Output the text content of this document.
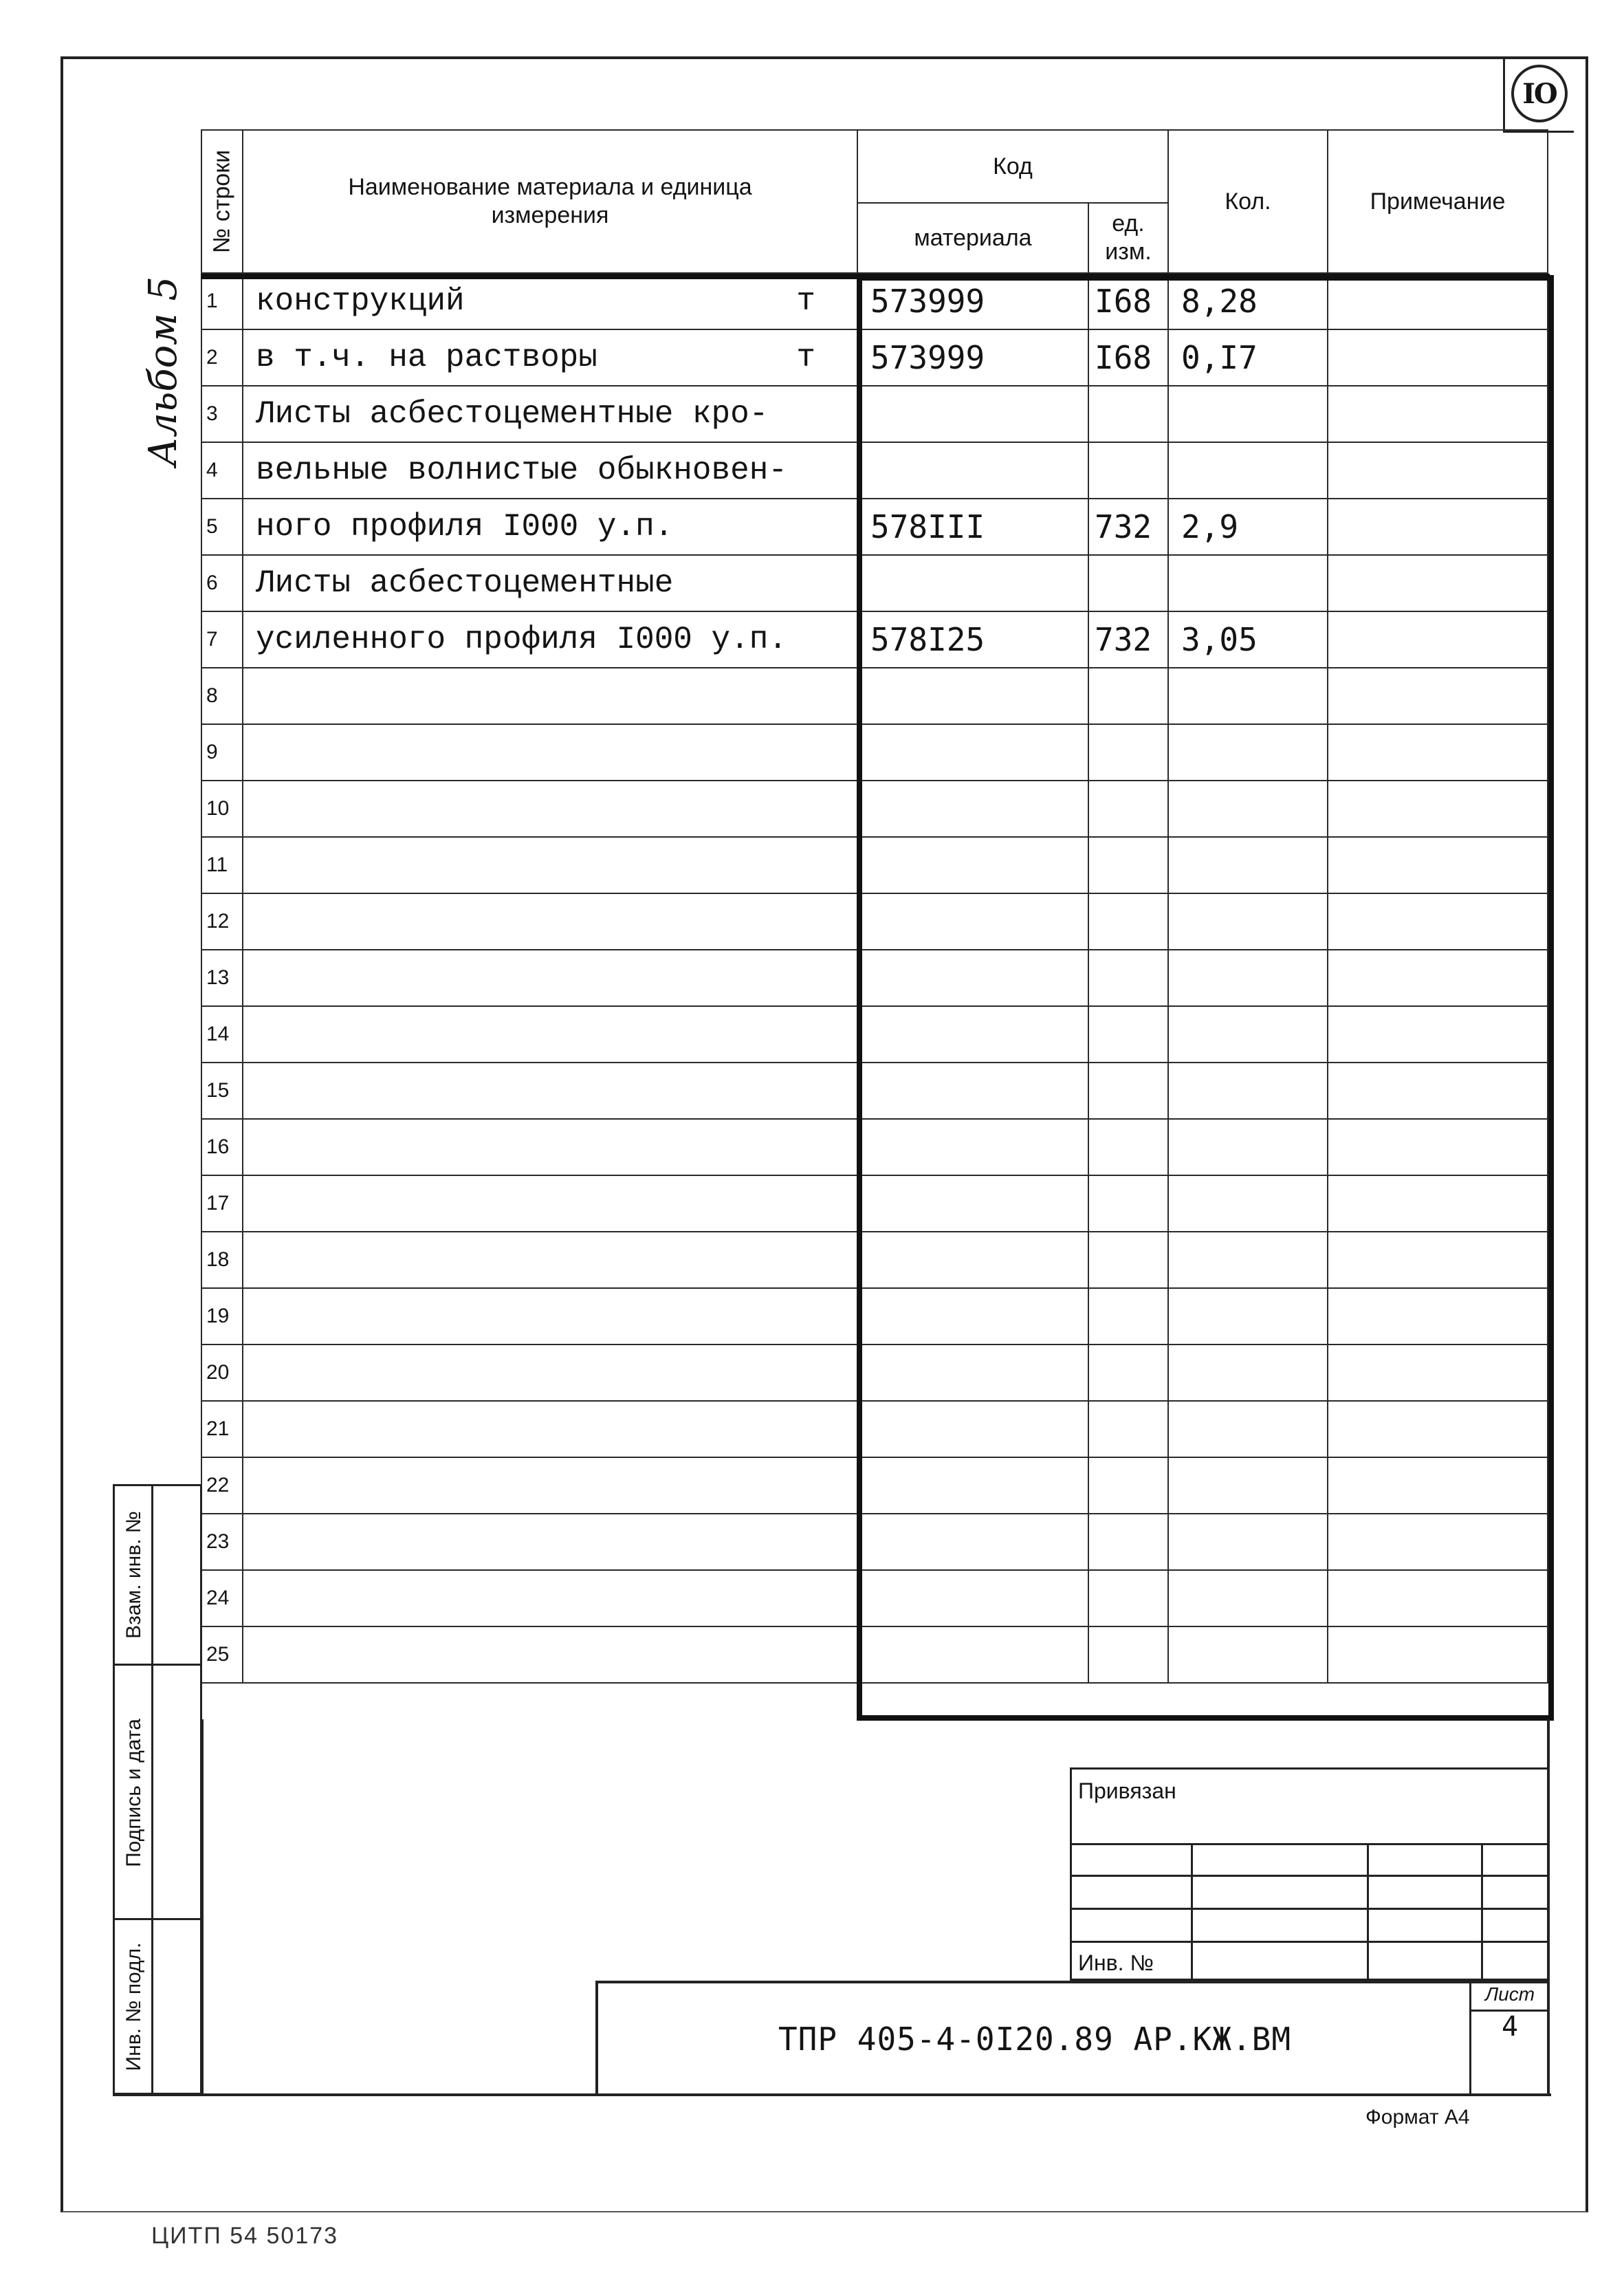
IO
Альбом 5
№ строки	Наименование материала и единица измерения	Код		Кол.	Примечание
		материала	ед. изм.		

1	конструкций т	573999	I68	8,28	
2	в т.ч. на растворы т	573999	I68	0,I7	
3	Листы асбестоцементные кро-

4	вельные волнистые обыкновен-

5	ного профиля I000 у.п.	578III	732	2,9	
6	Листы асбестоцементные

7	усиленного профиля I000 у.п.	578I25	732	3,05	
8	

9	

10	

11	

12	

13	

14	

15	

16	

17	

18	

19	

20	

21	

22	

23	

24	

25	

Взам. инв. №
Подпись и дата
Инв. № подл.
Привязан
Инв. №
ТПР 405-4-0I20.89 АР.КЖ.ВМ
Лист
4
Формат А4
ЦИТП 54 50173
